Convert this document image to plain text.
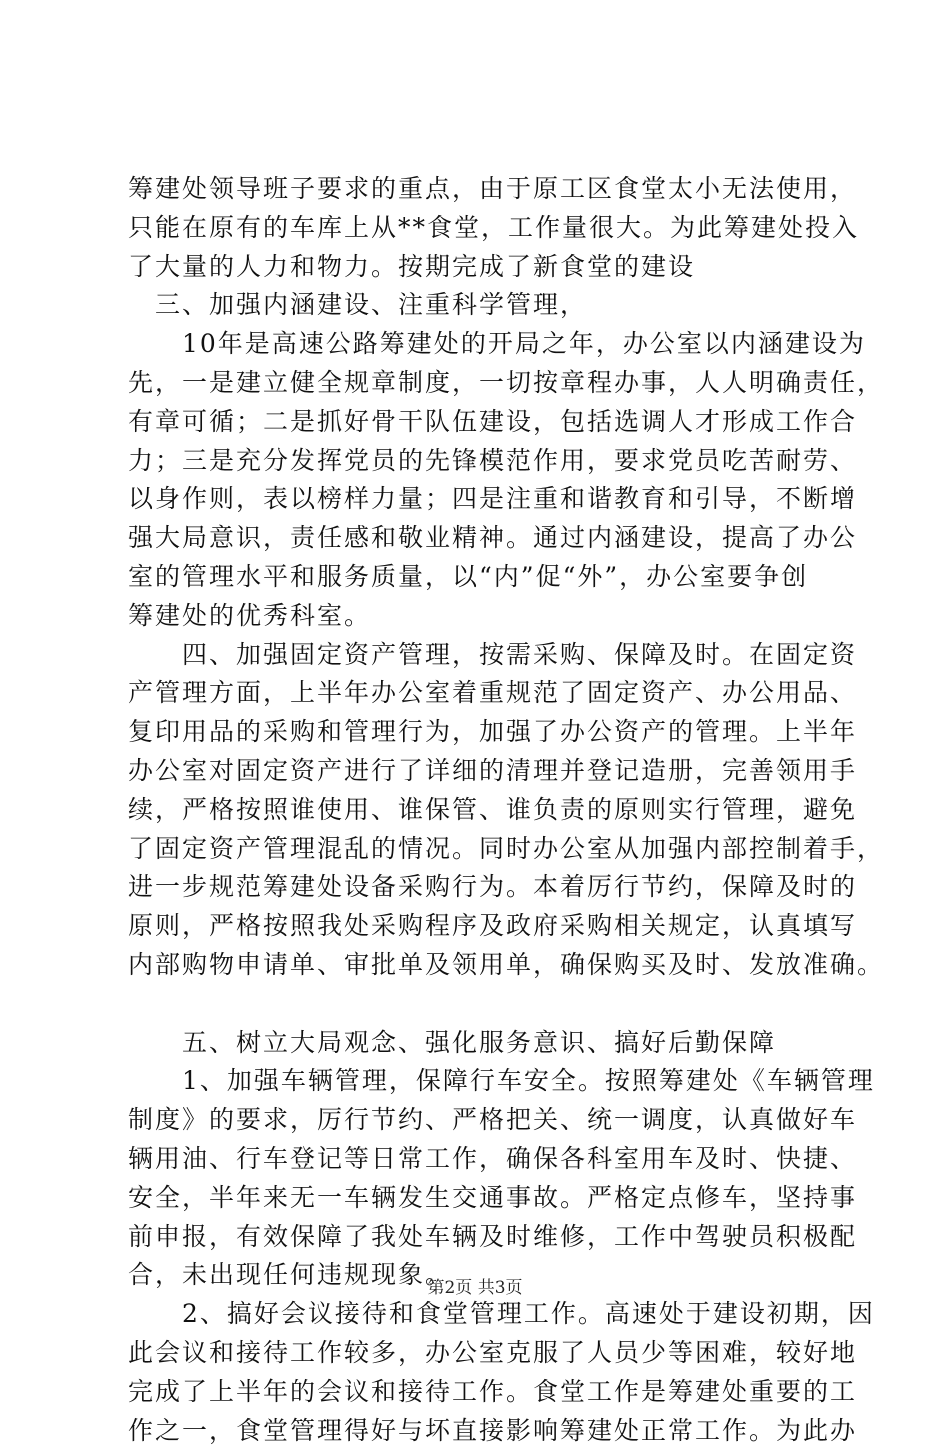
筹建处领导班子要求的重点，由于原工区食堂太小无法使用，
只能在原有的车库上从**食堂，工作量很大。为此筹建处投入
了大量的人力和物力。按期完成了新食堂的建设
　三、加强内涵建设、注重科学管理，
　　10年是高速公路筹建处的开局之年，办公室以内涵建设为
先，一是建立健全规章制度，一切按章程办事，人人明确责任，
有章可循；二是抓好骨干队伍建设，包括选调人才形成工作合
力；三是充分发挥党员的先锋模范作用，要求党员吃苦耐劳、
以身作则，表以榜样力量；四是注重和谐教育和引导，不断增
强大局意识，责任感和敬业精神。通过内涵建设，提高了办公
室的管理水平和服务质量，以“内”促“外”，办公室要争创
筹建处的优秀科室。
　　四、加强固定资产管理，按需采购、保障及时。在固定资
产管理方面，上半年办公室着重规范了固定资产、办公用品、
复印用品的采购和管理行为，加强了办公资产的管理。上半年
办公室对固定资产进行了详细的清理并登记造册，完善领用手
续，严格按照谁使用、谁保管、谁负责的原则实行管理，避免
了固定资产管理混乱的情况。同时办公室从加强内部控制着手，
进一步规范筹建处设备采购行为。本着厉行节约，保障及时的
原则，严格按照我处采购程序及政府采购相关规定，认真填写
内部购物申请单、审批单及领用单，确保购买及时、发放准确。
　　五、树立大局观念、强化服务意识、搞好后勤保障
　　1、加强车辆管理，保障行车安全。按照筹建处《车辆管理
制度》的要求，厉行节约、严格把关、统一调度，认真做好车
辆用油、行车登记等日常工作，确保各科室用车及时、快捷、
安全，半年来无一车辆发生交通事故。严格定点修车，坚持事
前申报，有效保障了我处车辆及时维修，工作中驾驶员积极配
合，未出现任何违规现象。
　　2、搞好会议接待和食堂管理工作。高速处于建设初期，因
此会议和接待工作较多，办公室克服了人员少等困难，较好地
完成了上半年的会议和接待工作。食堂工作是筹建处重要的工
作之一，食堂管理得好与坏直接影响筹建处正常工作。为此办
第2页 共3页
